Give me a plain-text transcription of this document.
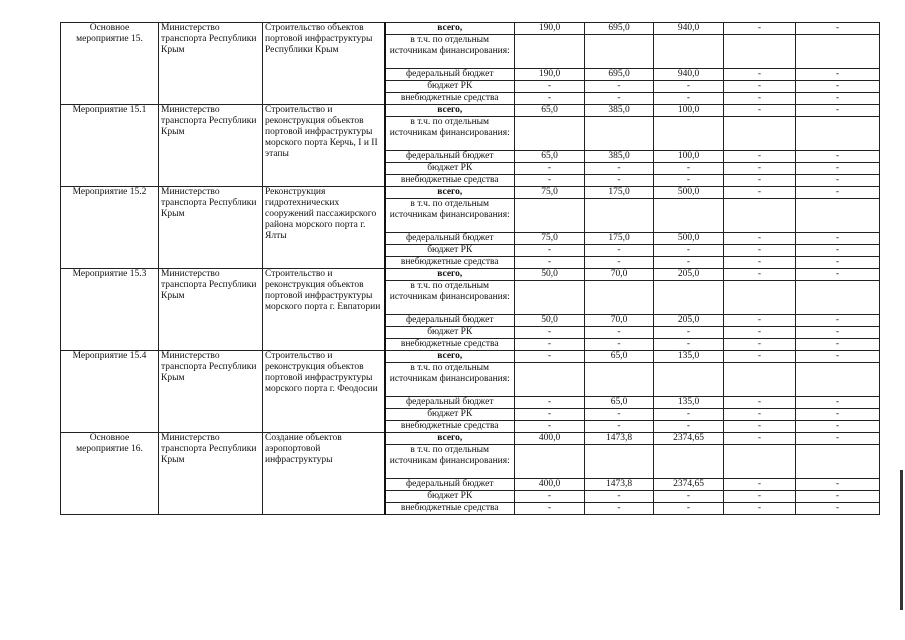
Основное мероприятие 15.	Министерство транспорта Республики Крым	Строительство объектов портовой инфраструктуры Республики Крым	всего,	190,0	695,0	940,0	-	-
			в т.ч. по отдельным источникам финансирования:					
			федеральный бюджет	190,0	695,0	940,0	-	-
			бюджет РК	-	-	-	-	-
			внебюджетные средства	-	-	-	-	-
Мероприятие 15.1	Министерство транспорта Республики Крым	Строительство и реконструкция объектов портовой инфраструктуры морского порта Керчь, I и II этапы	всего,	65,0	385,0	100,0	-	-
			в т.ч. по отдельным источникам финансирования:					
			федеральный бюджет	65,0	385,0	100,0	-	-
			бюджет РК	-	-	-	-	-
			внебюджетные средства	-	-	-	-	-
Мероприятие 15.2	Министерство транспорта Республики Крым	Реконструкция гидротехнических сооружений пассажирского района морского порта г. Ялты	всего,	75,0	175,0	500,0	-	-
			в т.ч. по отдельным источникам финансирования:					
			федеральный бюджет	75,0	175,0	500,0	-	-
			бюджет РК	-	-	-	-	-
			внебюджетные средства	-	-	-	-	-
Мероприятие 15.3	Министерство транспорта Республики Крым	Строительство и реконструкция объектов портовой инфраструктуры морского порта г. Евпатории	всего,	50,0	70,0	205,0	-	-
			в т.ч. по отдельным источникам финансирования:					
			федеральный бюджет	50,0	70,0	205,0	-	-
			бюджет РК	-	-	-	-	-
			внебюджетные средства	-	-	-	-	-
Мероприятие 15.4	Министерство транспорта Республики Крым	Строительство и реконструкция объектов портовой инфраструктуры морского порта г. Феодосии	всего,	-	65,0	135,0	-	-
			в т.ч. по отдельным источникам финансирования:					
			федеральный бюджет	-	65,0	135,0	-	-
			бюджет РК	-	-	-	-	-
			внебюджетные средства	-	-	-	-	-
Основное мероприятие 16.	Министерство транспорта Республики Крым	Создание объектов аэропортовой инфраструктуры	всего,	400,0	1473,8	2374,65	-	-
			в т.ч. по отдельным источникам финансирования:					
			федеральный бюджет	400,0	1473,8	2374,65	-	-
			бюджет РК	-	-	-	-	-
			внебюджетные средства	-	-	-	-	-
